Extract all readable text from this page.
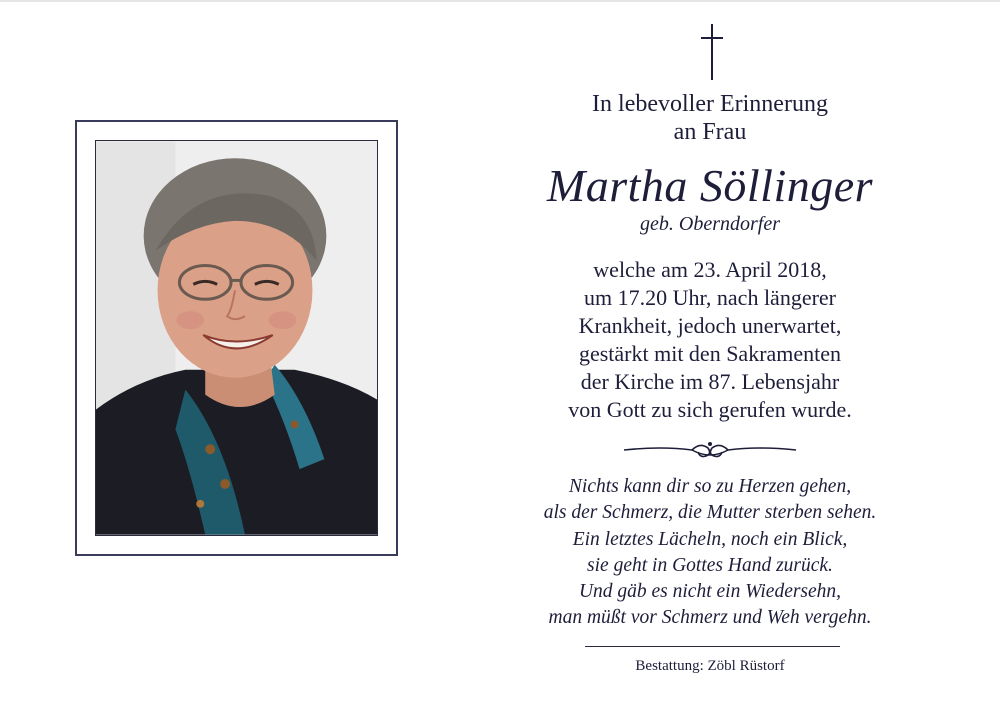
In lebevoller Erinnerung
an Frau
Martha Söllinger
geb. Oberndorfer
welche am 23. April 2018,
um 17.20 Uhr, nach längerer
Krankheit, jedoch unerwartet,
gestärkt mit den Sakramenten
der Kirche im 87. Lebensjahr
von Gott zu sich gerufen wurde.
Nichts kann dir so zu Herzen gehen,
als der Schmerz, die Mutter sterben sehen.
Ein letztes Lächeln, noch ein Blick,
sie geht in Gottes Hand zurück.
Und gäb es nicht ein Wiedersehn,
man müßt vor Schmerz und Weh vergehn.
Bestattung: Zöbl Rüstorf
